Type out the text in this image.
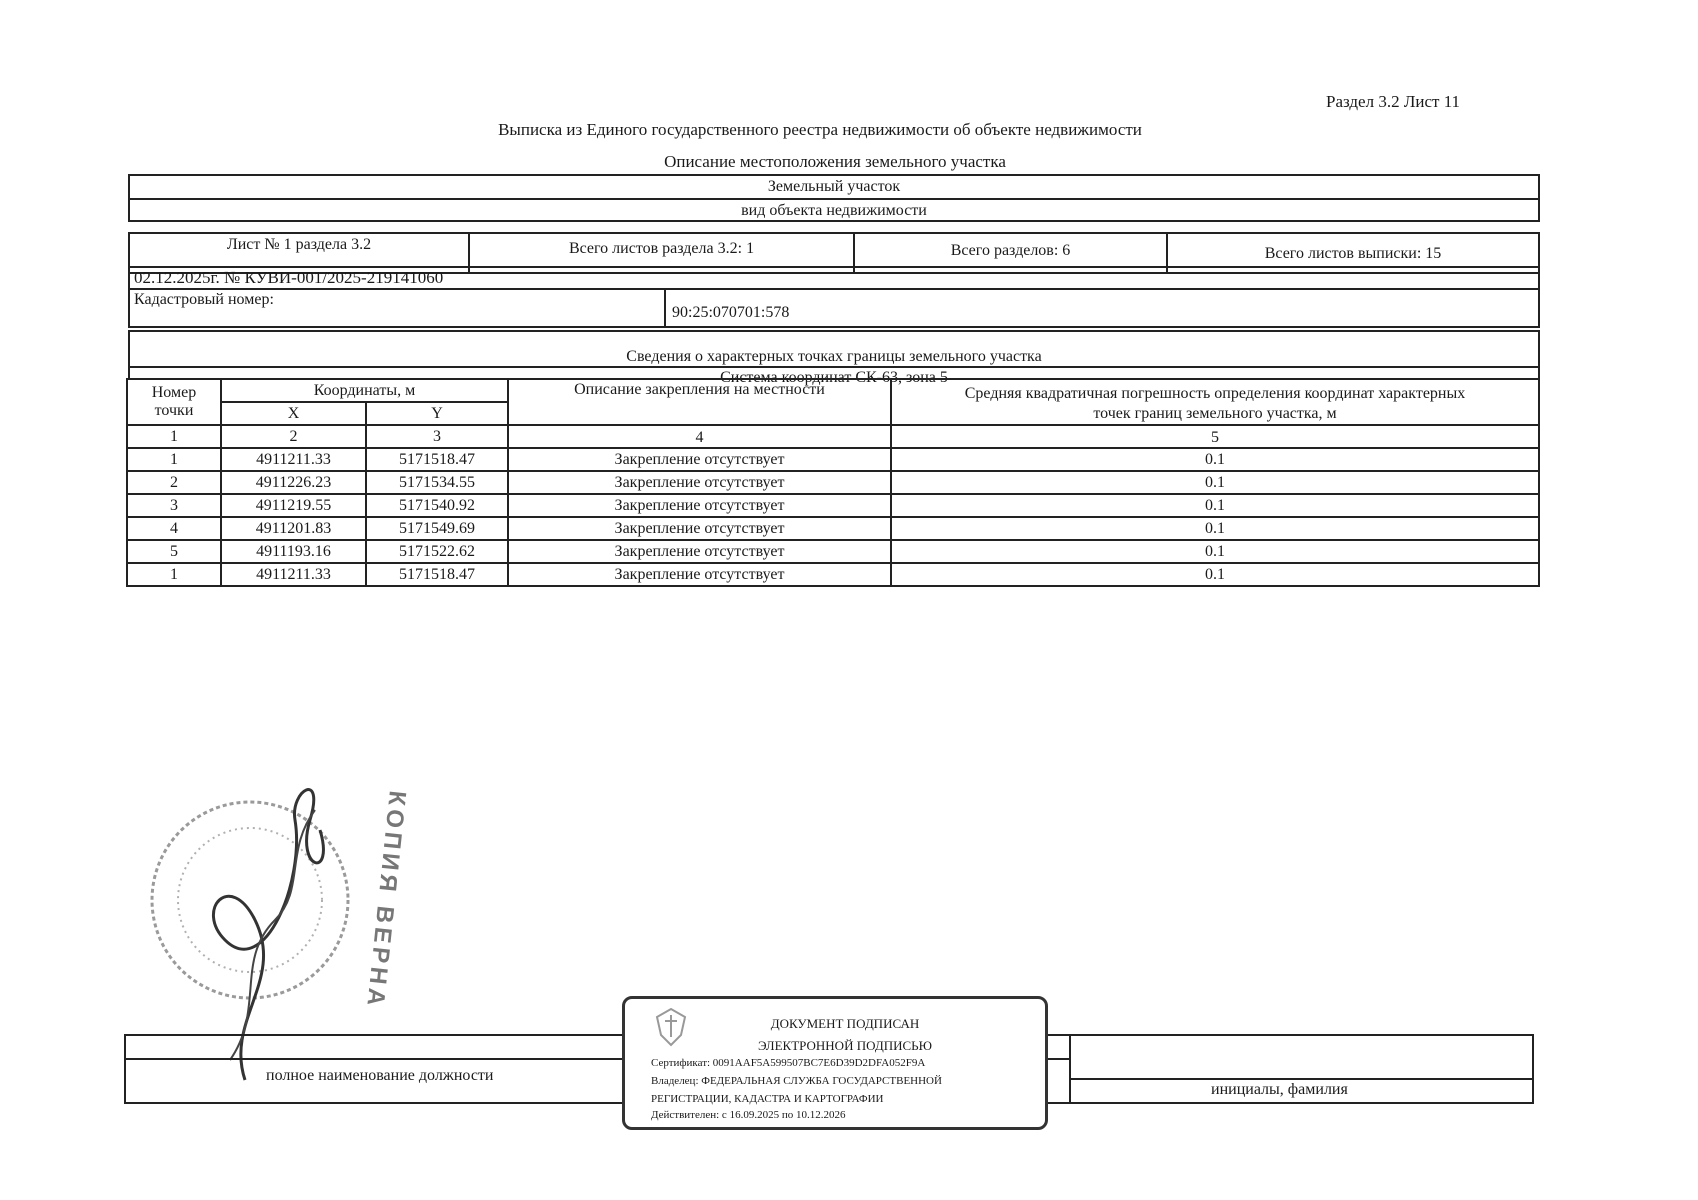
Раздел 3.2 Лист 11
Выписка из Единого государственного реестра недвижимости об объекте недвижимости
Описание местоположения земельного участка
Земельный участок
вид объекта недвижимости
Лист № 1 раздела 3.2	Всего листов раздела 3.2: 1	Всего разделов: 6	Всего листов выписки: 15
02.12.2025г. № КУВИ-001/2025-219141060
Кадастровый номер:
90:25:070701:578
Сведения о характерных точках границы земельного участка
Система координат СК-63, зона 5
Номер точки	Координаты, м		Описание закрепления на местности	Средняя квадратичная погрешность определения координат характерных точек границ земельного участка, м
	X	Y		
1	2	3	4	5
1	4911211.33	5171518.47	Закрепление отсутствует	0.1
2	4911226.23	5171534.55	Закрепление отсутствует	0.1
3	4911219.55	5171540.92	Закрепление отсутствует	0.1
4	4911201.83	5171549.69	Закрепление отсутствует	0.1
5	4911193.16	5171522.62	Закрепление отсутствует	0.1
1	4911211.33	5171518.47	Закрепление отсутствует	0.1
КОПИЯ ВЕРНА
полное наименование должности
инициалы, фамилия
ДОКУМЕНТ ПОДПИСАН
ЭЛЕКТРОННОЙ ПОДПИСЬЮ
Сертификат: 0091AAF5A599507BC7E6D39D2DFA052F9A
Владелец: ФЕДЕРАЛЬНАЯ СЛУЖБА ГОСУДАРСТВЕННОЙ
РЕГИСТРАЦИИ, КАДАСТРА И КАРТОГРАФИИ
Действителен: с 16.09.2025 по 10.12.2026
